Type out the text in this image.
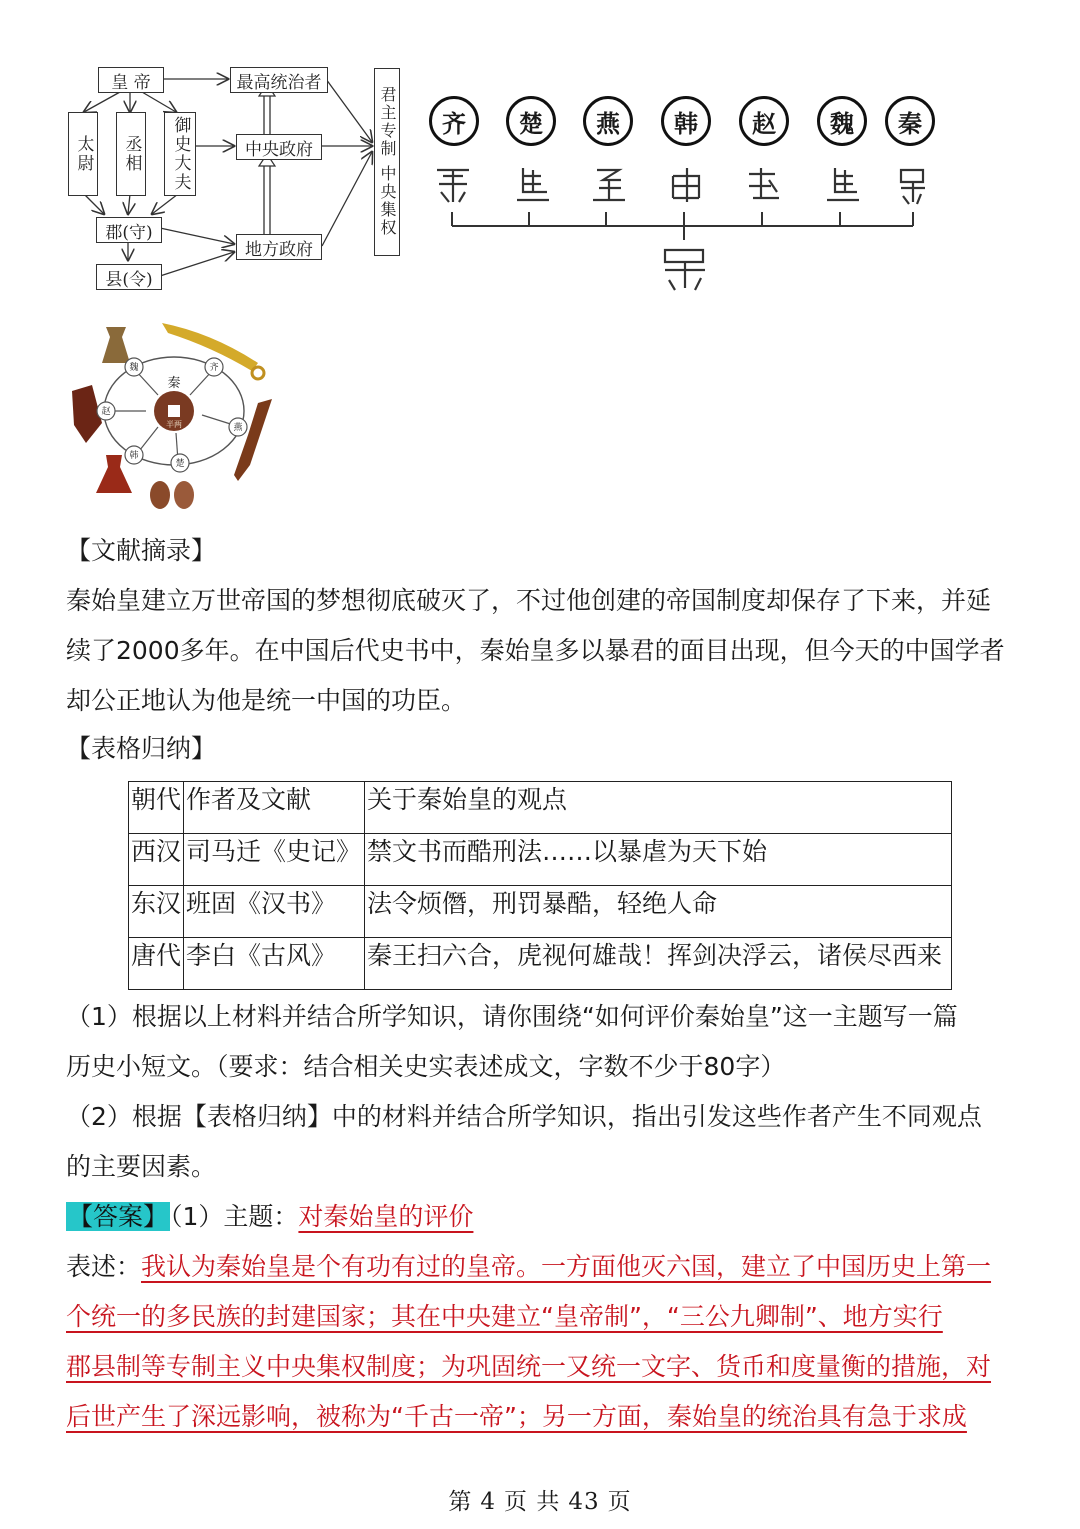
皇 帝	最高统治者
太尉	丞相	御史大夫	中央政府
郡(守)
地方政府
县(令)
君主专制 中央集权	齐	楚	燕	韩	赵	魏	秦
魏	齐
赵
燕
韩
楚
秦
半两
【文献摘录】
秦始皇建立万世帝国的梦想彻底破灭了，不过他创建的帝国制度却保存了下来，并延
续了2000多年。在中国后代史书中，秦始皇多以暴君的面目出现，但今天的中国学者
却公正地认为他是统一中国的功臣。
【表格归纳】
朝代	作者及文献	关于秦始皇的观点
西汉	司马迁《史记》	禁文书而酷刑法……以暴虐为天下始
东汉	班固《汉书》	法令烦僭，刑罚暴酷，轻绝人命
唐代	李白《古风》	秦王扫六合，虎视何雄哉！挥剑决浮云，诸侯尽西来
（1）根据以上材料并结合所学知识，请你围绕“如何评价秦始皇”这一主题写一篇
历史小短文。（要求：结合相关史实表述成文，字数不少于80字）
（2）根据【表格归纳】中的材料并结合所学知识，指出引发这些作者产生不同观点
的主要因素。
【答案】（1）主题：对秦始皇的评价
表述：我认为秦始皇是个有功有过的皇帝。一方面他灭六国，建立了中国历史上第一
个统一的多民族的封建国家；其在中央建立“皇帝制”，“三公九卿制”、地方实行
郡县制等专制主义中央集权制度；为巩固统一又统一文字、货币和度量衡的措施，对
后世产生了深远影响，被称为“千古一帝”；另一方面，秦始皇的统治具有急于求成
第 4 页 共 43 页
